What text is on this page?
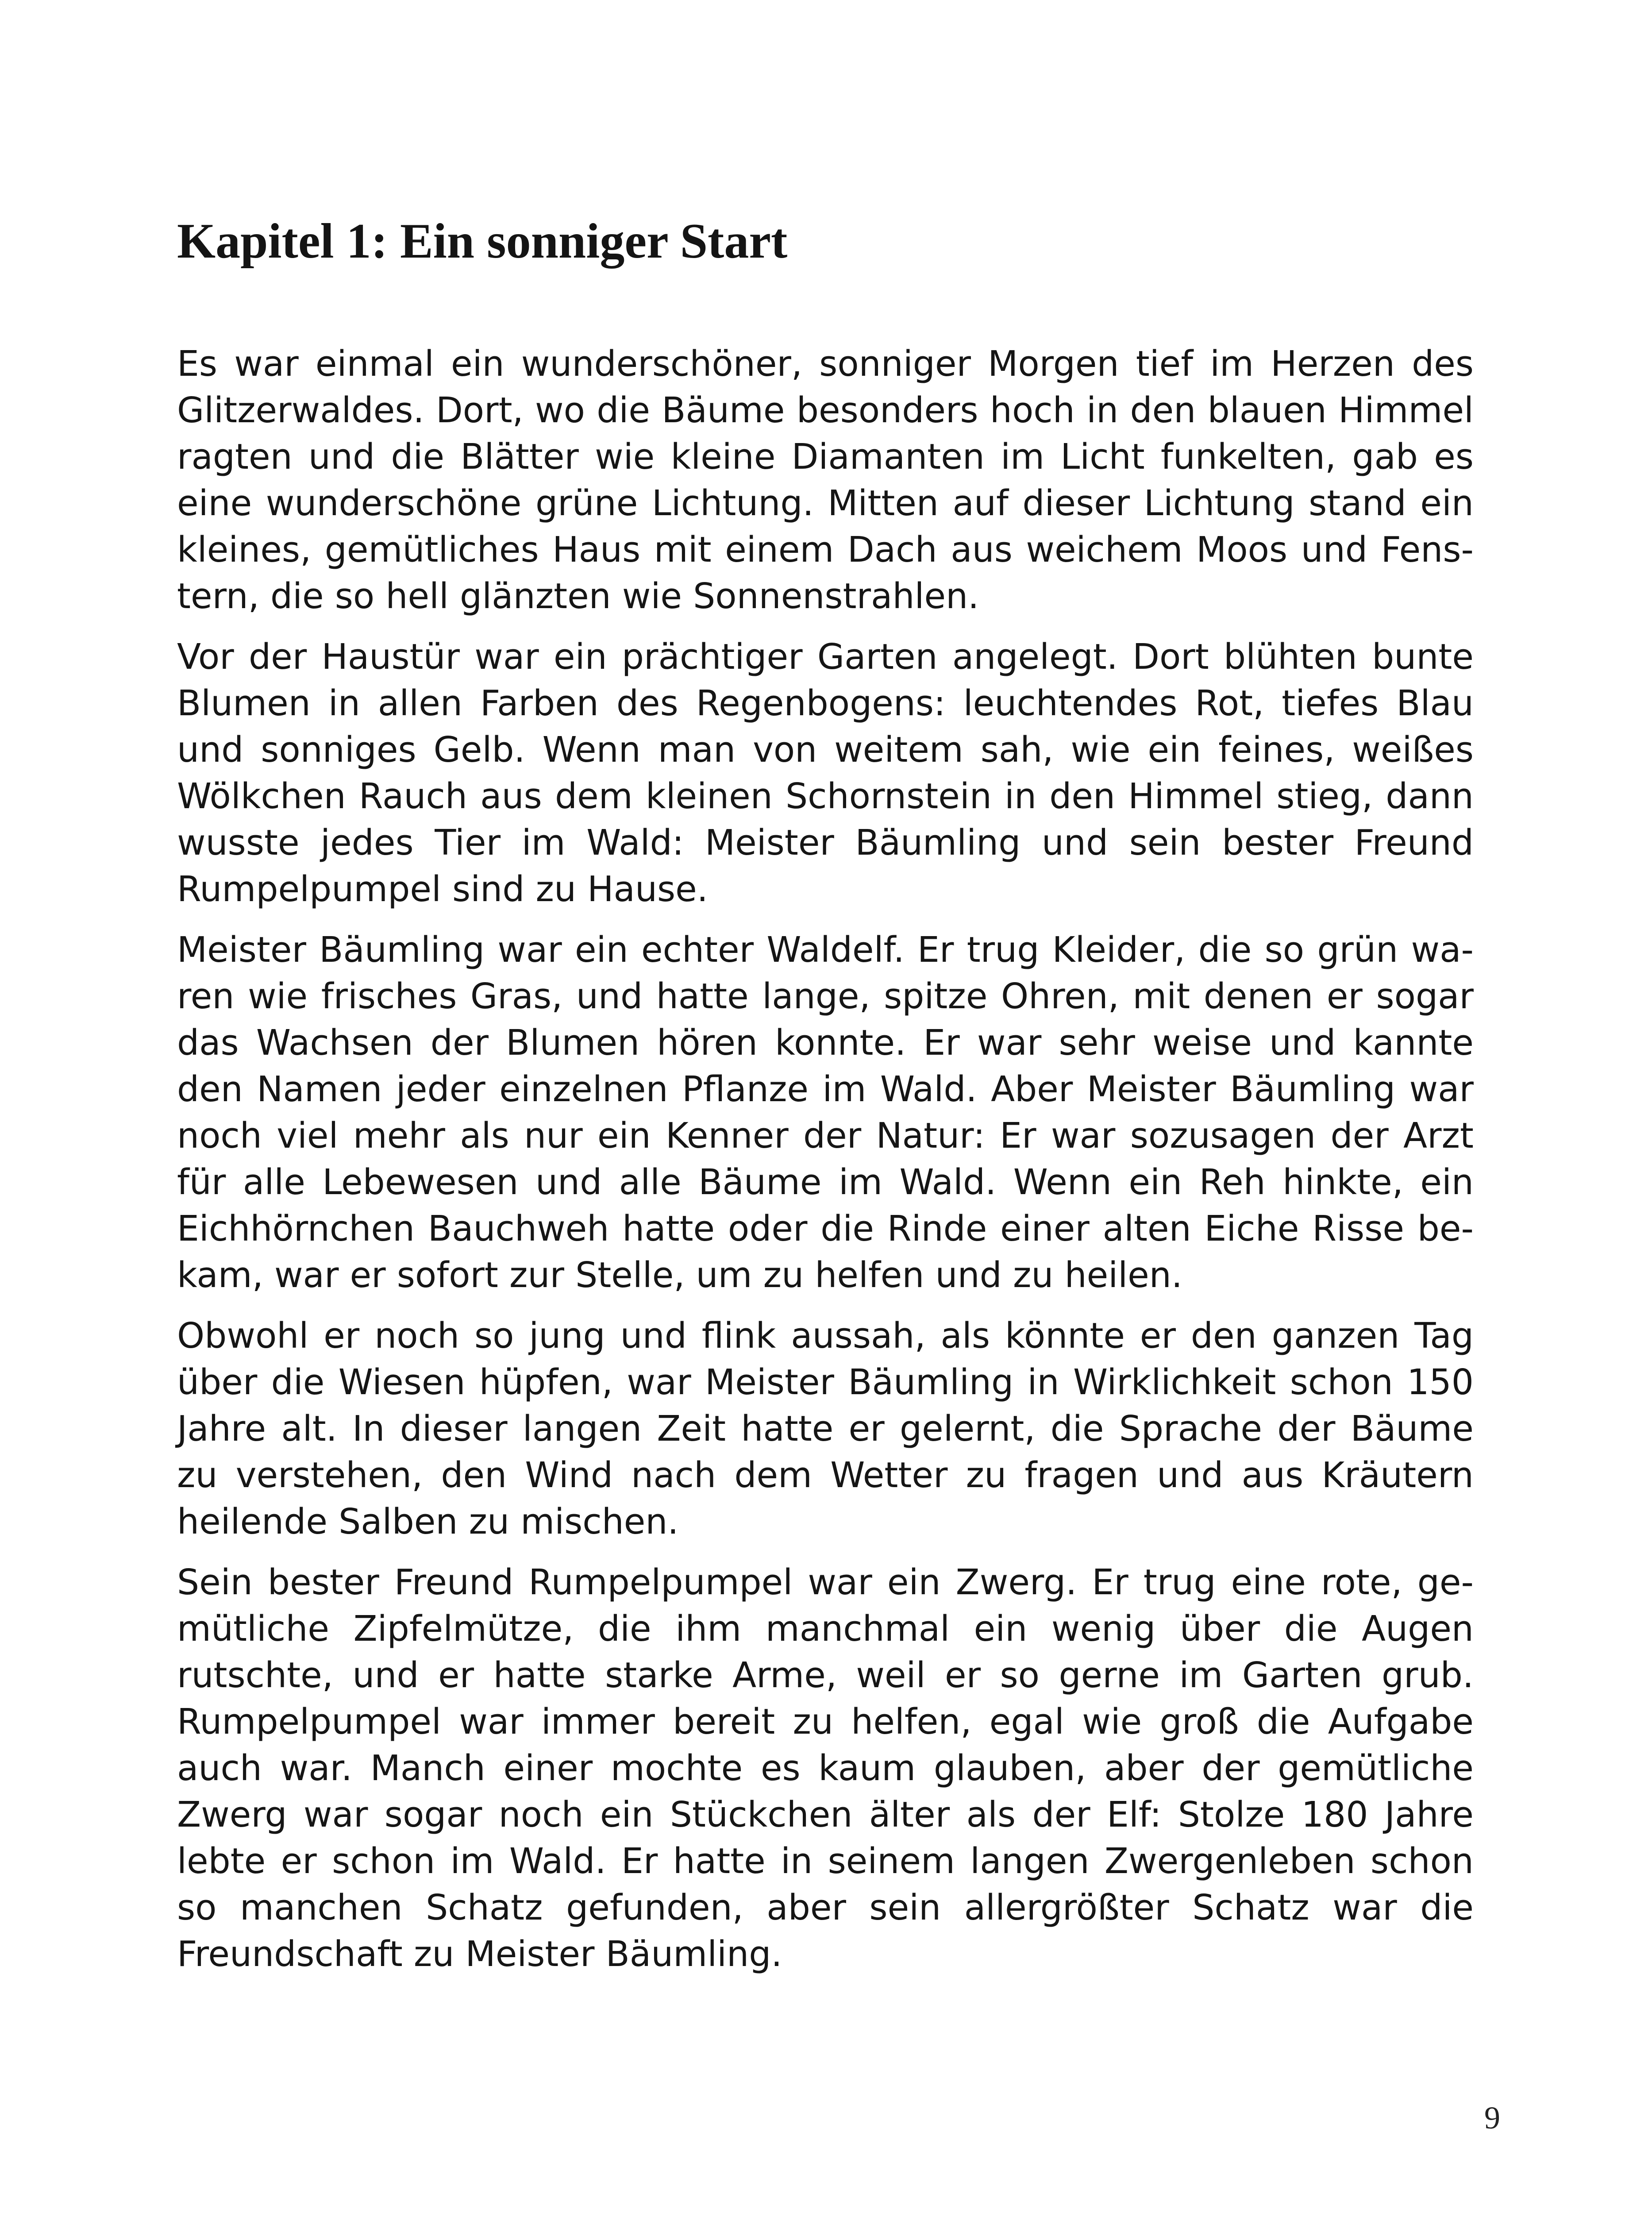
Kapitel 1: Ein sonniger Start

Es war einmal ein wunderschöner, sonniger Morgen tief im Herzen des Glitzerwaldes. Dort, wo die Bäume besonders hoch in den blauen Himmel ragten und die Blätter wie kleine Diamanten im Licht funkelten, gab es eine wunderschöne grüne Lichtung. Mitten auf dieser Lichtung stand ein kleines, gemütliches Haus mit einem Dach aus weichem Moos und Fenstern, die so hell glänzten wie Sonnenstrahlen.

Vor der Haustür war ein prächtiger Garten angelegt. Dort blühten bunte Blumen in allen Farben des Regenbogens: leuchtendes Rot, tiefes Blau und sonniges Gelb. Wenn man von weitem sah, wie ein feines, weißes Wölkchen Rauch aus dem kleinen Schornstein in den Himmel stieg, dann wusste jedes Tier im Wald: Meister Bäumling und sein bester Freund Rumpelpumpel sind zu Hause.

Meister Bäumling war ein echter Waldelf. Er trug Kleider, die so grün waren wie frisches Gras, und hatte lange, spitze Ohren, mit denen er sogar das Wachsen der Blumen hören konnte. Er war sehr weise und kannte den Namen jeder einzelnen Pflanze im Wald. Aber Meister Bäumling war noch viel mehr als nur ein Kenner der Natur: Er war sozusagen der Arzt für alle Lebewesen und alle Bäume im Wald. Wenn ein Reh hinkte, ein Eichhörnchen Bauchweh hatte oder die Rinde einer alten Eiche Risse bekam, war er sofort zur Stelle, um zu helfen und zu heilen.

Obwohl er noch so jung und flink aussah, als könnte er den ganzen Tag über die Wiesen hüpfen, war Meister Bäumling in Wirklichkeit schon 150 Jahre alt. In dieser langen Zeit hatte er gelernt, die Sprache der Bäume zu verstehen, den Wind nach dem Wetter zu fragen und aus Kräutern heilende Salben zu mischen.

Sein bester Freund Rumpelpumpel war ein Zwerg. Er trug eine rote, gemütliche Zipfelmütze, die ihm manchmal ein wenig über die Augen rutschte, und er hatte starke Arme, weil er so gerne im Garten grub. Rumpelpumpel war immer bereit zu helfen, egal wie groß die Aufgabe auch war. Manch einer mochte es kaum glauben, aber der gemütliche Zwerg war sogar noch ein Stückchen älter als der Elf: Stolze 180 Jahre lebte er schon im Wald. Er hatte in seinem langen Zwergenleben schon so manchen Schatz gefunden, aber sein allergrößter Schatz war die Freundschaft zu Meister Bäumling.

9
